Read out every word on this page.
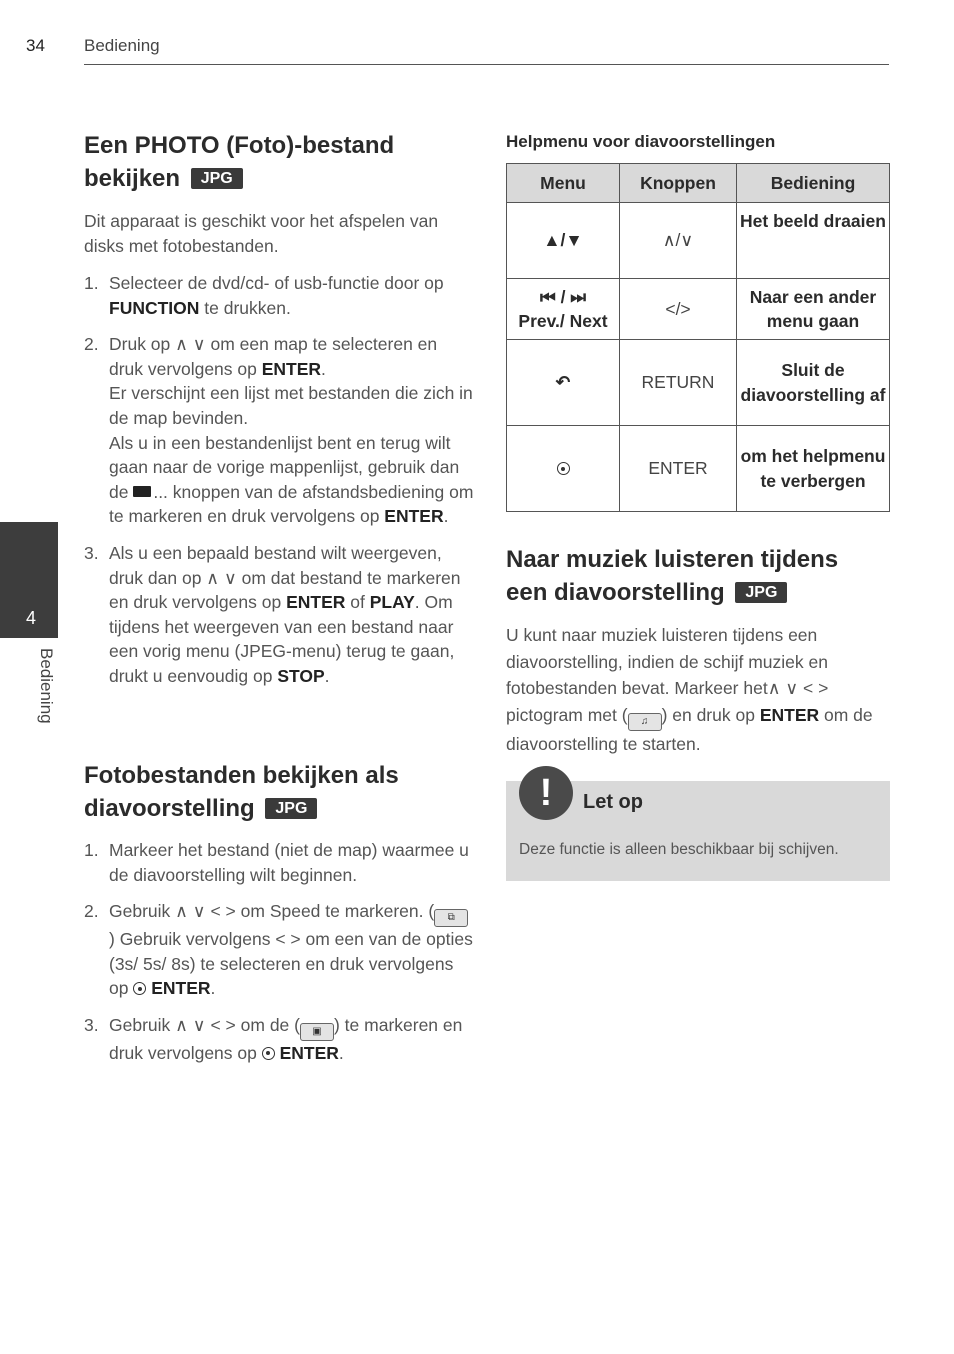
34 Bediening
Een PHOTO (Foto)-bestand
bekijken JPG
Dit apparaat is geschikt voor het afspelen van disks met fotobestanden.
1. Selecteer de dvd/cd- of usb-functie door op FUNCTION te drukken.
2. Druk op ∧ ∨ om een map te selecteren en druk vervolgens op ENTER.
Er verschijnt een lijst met bestanden die zich in de map bevinden.
Als u in een bestandenlijst bent en terug wilt gaan naar de vorige mappenlijst, gebruik dan de ... knoppen van de afstandsbediening om te markeren en druk vervolgens op ENTER.
3. Als u een bepaald bestand wilt weergeven, druk dan op ∧ ∨ om dat bestand te markeren en druk vervolgens op ENTER of PLAY. Om tijdens het weergeven van een bestand naar een vorig menu (JPEG-menu) terug te gaan, drukt u eenvoudig op STOP.
Fotobestanden bekijken als
diavoorstelling JPG
1. Markeer het bestand (niet de map) waarmee u de diavoorstelling wilt beginnen.
2. Gebruik ∧ ∨ < > om Speed te markeren. ( ⧉) Gebruik vervolgens < > om een van de opties (3s/ 5s/ 8s) te selecteren en druk vervolgens op  ENTER.
3. Gebruik ∧ ∨ < > om de ( ▣ ) te markeren en druk vervolgens op  ENTER.
Helpmenu voor diavoorstellingen
Menu	Knoppen	Bediening
▲/▼	∧/∨	Het beeld draaien
⏮ / ⏭
Prev./ Next	</>	Naar een ander menu gaan
↶	RETURN	Sluit de diavoorstelling af
	ENTER	om het helpmenu te verbergen
Naar muziek luisteren tijdens
een diavoorstelling JPG
U kunt naar muziek luisteren tijdens een diavoorstelling, indien de schijf muziek en fotobestanden bevat. Markeer het∧ ∨ < > pictogram met ( ♫ ) en druk op ENTER om de diavoorstelling te starten.
!	Let op
Deze functie is alleen beschikbaar bij schijven.
4
Bediening
